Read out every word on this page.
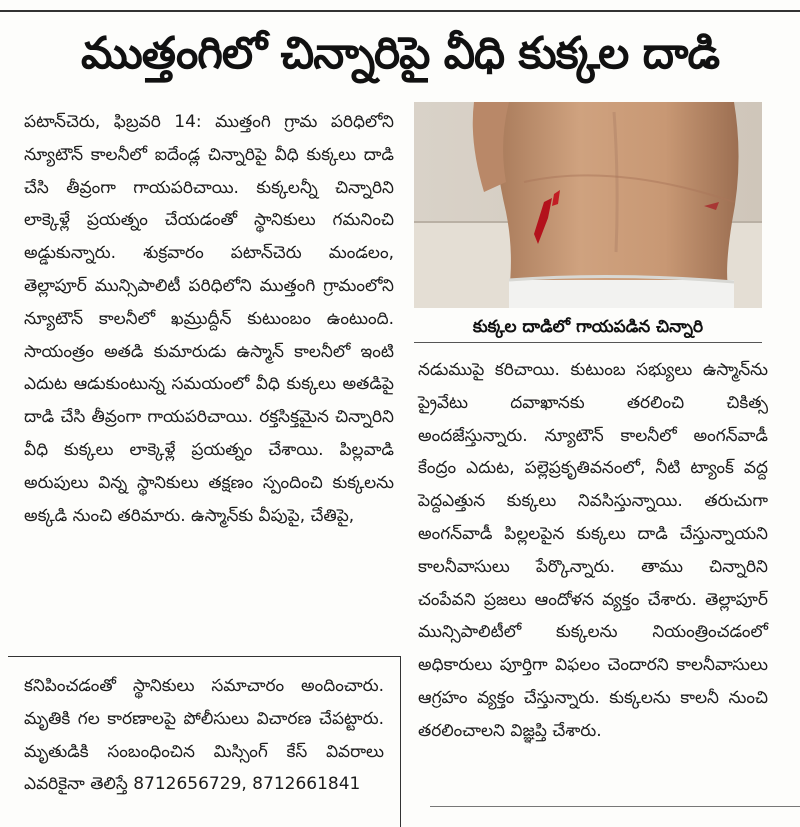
ముత్తంగిలో చిన్నారిపై వీధి కుక్కల దాడి

పటాన్‌చెరు, ఫిబ్రవరి 14: ముత్తంగి గ్రామ పరిధిలోని న్యూటౌన్ కాలనీలో ఐదేండ్ల చిన్నారిపై వీధి కుక్కలు దాడి చేసి తీవ్రంగా గాయపరిచాయి. కుక్కలన్నీ చిన్నారిని లాక్కెళ్లే ప్రయత్నం చేయడంతో స్థానికులు గమనించి అడ్డుకున్నారు. శుక్రవారం పటాన్‌చెరు మండలం, తెల్లాపూర్ మున్సిపాలిటీ పరిధిలోని ముత్తంగి గ్రామంలోని న్యూటౌన్ కాలనీలో ఖమ్రుద్దీన్ కుటుంబం ఉంటుంది. సాయంత్రం అతడి కుమారుడు ఉస్మాన్ కాలనీలో ఇంటి ఎదుట ఆడుకుంటున్న సమయంలో వీధి కుక్కలు అతడిపై దాడి చేసి తీవ్రంగా గాయపరిచాయి. రక్తసిక్తమైన చిన్నారిని వీధి కుక్కలు లాక్కెళ్లే ప్రయత్నం చేశాయి. పిల్లవాడి అరుపులు విన్న స్థానికులు తక్షణం స్పందించి కుక్కలను అక్కడి నుంచి తరిమారు. ఉస్మాన్‌కు వీపుపై, చేతిపై,

కుక్కల దాడిలో గాయపడిన చిన్నారి

నడుముపై కరిచాయి. కుటుంబ సభ్యులు ఉస్మాన్‌ను ప్రైవేటు దవాఖానకు తరలించి చికిత్స అందజేస్తున్నారు. న్యూటౌన్ కాలనీలో అంగన్‌వాడీ కేంద్రం ఎదుట, పల్లెప్రకృతివనంలో, నీటి ట్యాంక్ వద్ద పెద్దఎత్తున కుక్కలు నివసిస్తున్నాయి. తరుచుగా అంగన్‌వాడీ పిల్లలపైన కుక్కలు దాడి చేస్తున్నాయని కాలనీవాసులు పేర్కొన్నారు. తాము చిన్నారిని చంపేవని ప్రజలు ఆందోళన వ్యక్తం చేశారు. తెల్లాపూర్ మున్సిపాలిటీలో కుక్కలను నియంత్రించడంలో అధికారులు పూర్తిగా విఫలం చెందారని కాలనీవాసులు ఆగ్రహం వ్యక్తం చేస్తున్నారు. కుక్కలను కాలనీ నుంచి తరలించాలని విజ్ఞప్తి చేశారు.

కనిపించడంతో స్థానికులు సమాచారం అందించారు. మృతికి గల కారణాలపై పోలీసులు విచారణ చేపట్టారు. మృతుడికి సంబంధించిన మిస్సింగ్ కేస్ వివరాలు ఎవరికైనా తెలిస్తే 8712656729, 8712661841
